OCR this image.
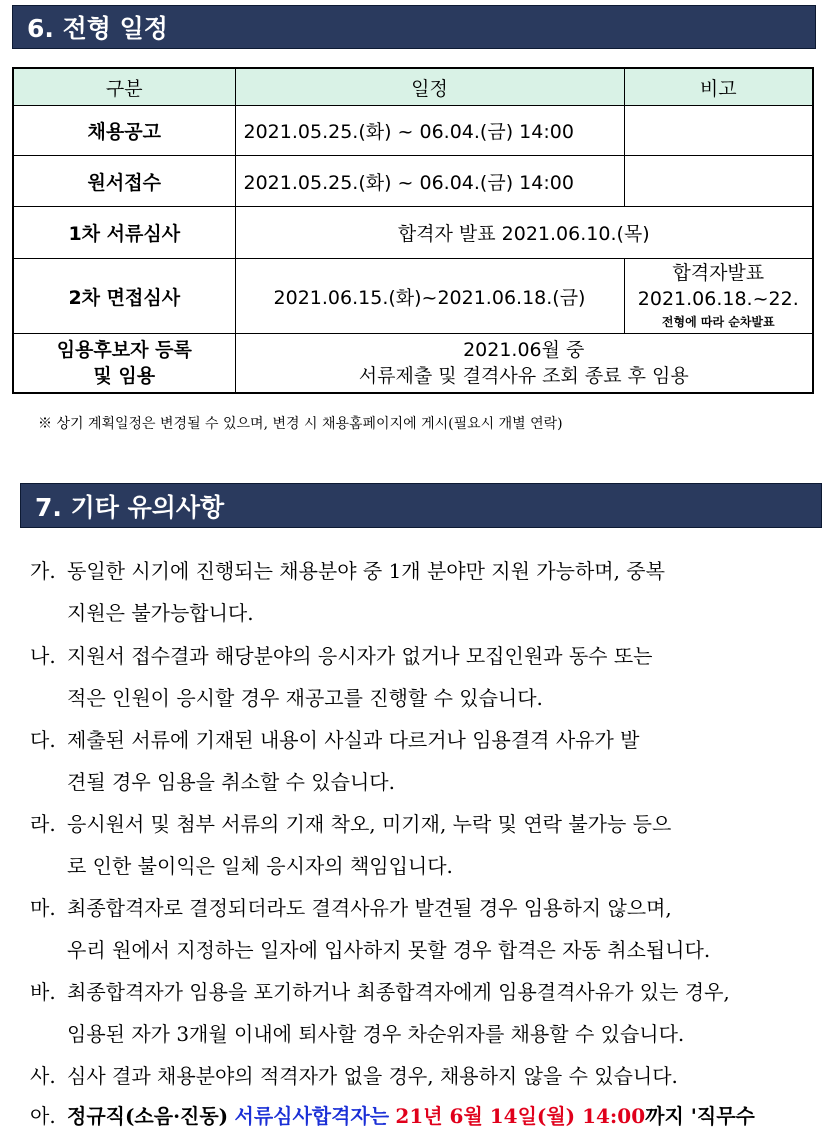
6. 전형 일정
구분	일정	비고
채용공고	2021.05.25.(화) ~ 06.04.(금) 14:00	
원서접수	2021.05.25.(화) ~ 06.04.(금) 14:00	
1차 서류심사	합격자 발표 2021.06.10.(목)	
2차 면접심사	2021.06.15.(화)~2021.06.18.(금)	합격자발표
2021.06.18.~22.
전형에 따라 순차발표

임용후보자 등록
및 임용	2021.06월 중
서류제출 및 결격사유 조회 종료 후 임용	
※ 상기 계획일정은 변경될 수 있으며, 변경 시 채용홈페이지에 게시(필요시 개별 연락)
7. 기타 유의사항
가. 동일한 시기에 진행되는 채용분야 중 1개 분야만 지원 가능하며, 중복
지원은 불가능합니다.
나. 지원서 접수결과 해당분야의 응시자가 없거나 모집인원과 동수 또는
적은 인원이 응시할 경우 재공고를 진행할 수 있습니다.
다. 제출된 서류에 기재된 내용이 사실과 다르거나 임용결격 사유가 발
견될 경우 임용을 취소할 수 있습니다.
라. 응시원서 및 첨부 서류의 기재 착오, 미기재, 누락 및 연락 불가능 등으
로 인한 불이익은 일체 응시자의 책임입니다.
마. 최종합격자로 결정되더라도 결격사유가 발견될 경우 임용하지 않으며,
우리 원에서 지정하는 일자에 입사하지 못할 경우 합격은 자동 취소됩니다.
바. 최종합격자가 임용을 포기하거나 최종합격자에게 임용결격사유가 있는 경우,
임용된 자가 3개월 이내에 퇴사할 경우 차순위자를 채용할 수 있습니다.
사. 심사 결과 채용분야의 적격자가 없을 경우, 채용하지 않을 수 있습니다.
아. 정규직(소음·진동) 서류심사합격자는 21년 6월 14일(월) 14:00까지 '직무수
